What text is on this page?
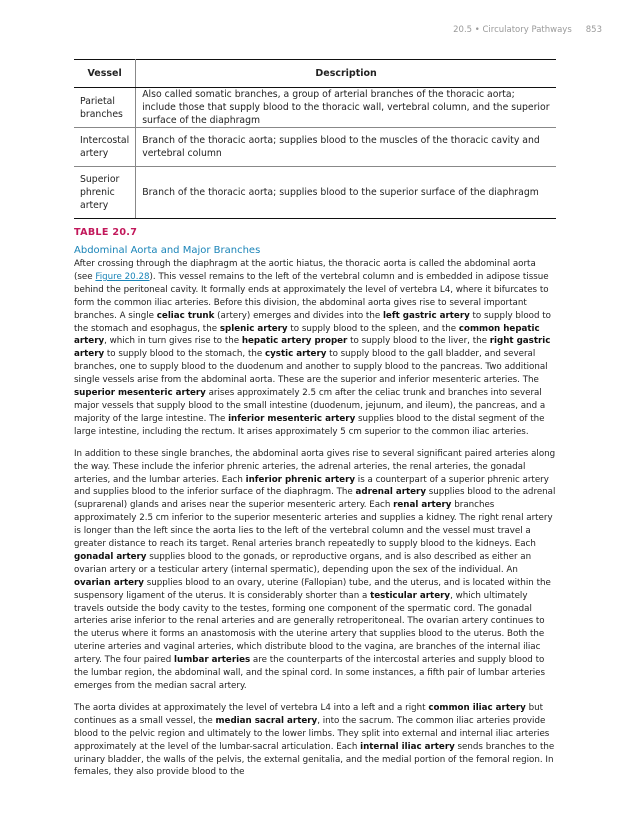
20.5 • Circulatory Pathways 853
Vessel	Description
Parietal branches	Also called somatic branches, a group of arterial branches of the thoracic aorta; include those that supply blood to the thoracic wall, vertebral column, and the superior surface of the diaphragm
Intercostal artery	Branch of the thoracic aorta; supplies blood to the muscles of the thoracic cavity and vertebral column
Superior phrenic artery	Branch of the thoracic aorta; supplies blood to the superior surface of the diaphragm
TABLE 20.7
Abdominal Aorta and Major Branches

After crossing through the diaphragm at the aortic hiatus, the thoracic aorta is called the abdominal aorta (see Figure 20.28). This vessel remains to the left of the vertebral column and is embedded in adipose tissue behind the peritoneal cavity. It formally ends at approximately the level of vertebra L4, where it bifurcates to form the common iliac arteries. Before this division, the abdominal aorta gives rise to several important branches. A single celiac trunk (artery) emerges and divides into the left gastric artery to supply blood to the stomach and esophagus, the splenic artery to supply blood to the spleen, and the common hepatic artery, which in turn gives rise to the hepatic artery proper to supply blood to the liver, the right gastric artery to supply blood to the stomach, the cystic artery to supply blood to the gall bladder, and several branches, one to supply blood to the duodenum and another to supply blood to the pancreas. Two additional single vessels arise from the abdominal aorta. These are the superior and inferior mesenteric arteries. The superior mesenteric artery arises approximately 2.5 cm after the celiac trunk and branches into several major vessels that supply blood to the small intestine (duodenum, jejunum, and ileum), the pancreas, and a majority of the large intestine. The inferior mesenteric artery supplies blood to the distal segment of the large intestine, including the rectum. It arises approximately 5 cm superior to the common iliac arteries.

In addition to these single branches, the abdominal aorta gives rise to several significant paired arteries along the way. These include the inferior phrenic arteries, the adrenal arteries, the renal arteries, the gonadal arteries, and the lumbar arteries. Each inferior phrenic artery is a counterpart of a superior phrenic artery and supplies blood to the inferior surface of the diaphragm. The adrenal artery supplies blood to the adrenal (suprarenal) glands and arises near the superior mesenteric artery. Each renal artery branches approximately 2.5 cm inferior to the superior mesenteric arteries and supplies a kidney. The right renal artery is longer than the left since the aorta lies to the left of the vertebral column and the vessel must travel a greater distance to reach its target. Renal arteries branch repeatedly to supply blood to the kidneys. Each gonadal artery supplies blood to the gonads, or reproductive organs, and is also described as either an ovarian artery or a testicular artery (internal spermatic), depending upon the sex of the individual. An ovarian artery supplies blood to an ovary, uterine (Fallopian) tube, and the uterus, and is located within the suspensory ligament of the uterus. It is considerably shorter than a testicular artery, which ultimately travels outside the body cavity to the testes, forming one component of the spermatic cord. The gonadal arteries arise inferior to the renal arteries and are generally retroperitoneal. The ovarian artery continues to the uterus where it forms an anastomosis with the uterine artery that supplies blood to the uterus. Both the uterine arteries and vaginal arteries, which distribute blood to the vagina, are branches of the internal iliac artery. The four paired lumbar arteries are the counterparts of the intercostal arteries and supply blood to the lumbar region, the abdominal wall, and the spinal cord. In some instances, a fifth pair of lumbar arteries emerges from the median sacral artery.

The aorta divides at approximately the level of vertebra L4 into a left and a right common iliac artery but continues as a small vessel, the median sacral artery, into the sacrum. The common iliac arteries provide blood to the pelvic region and ultimately to the lower limbs. They split into external and internal iliac arteries approximately at the level of the lumbar-sacral articulation. Each internal iliac artery sends branches to the urinary bladder, the walls of the pelvis, the external genitalia, and the medial portion of the femoral region. In females, they also provide blood to the
